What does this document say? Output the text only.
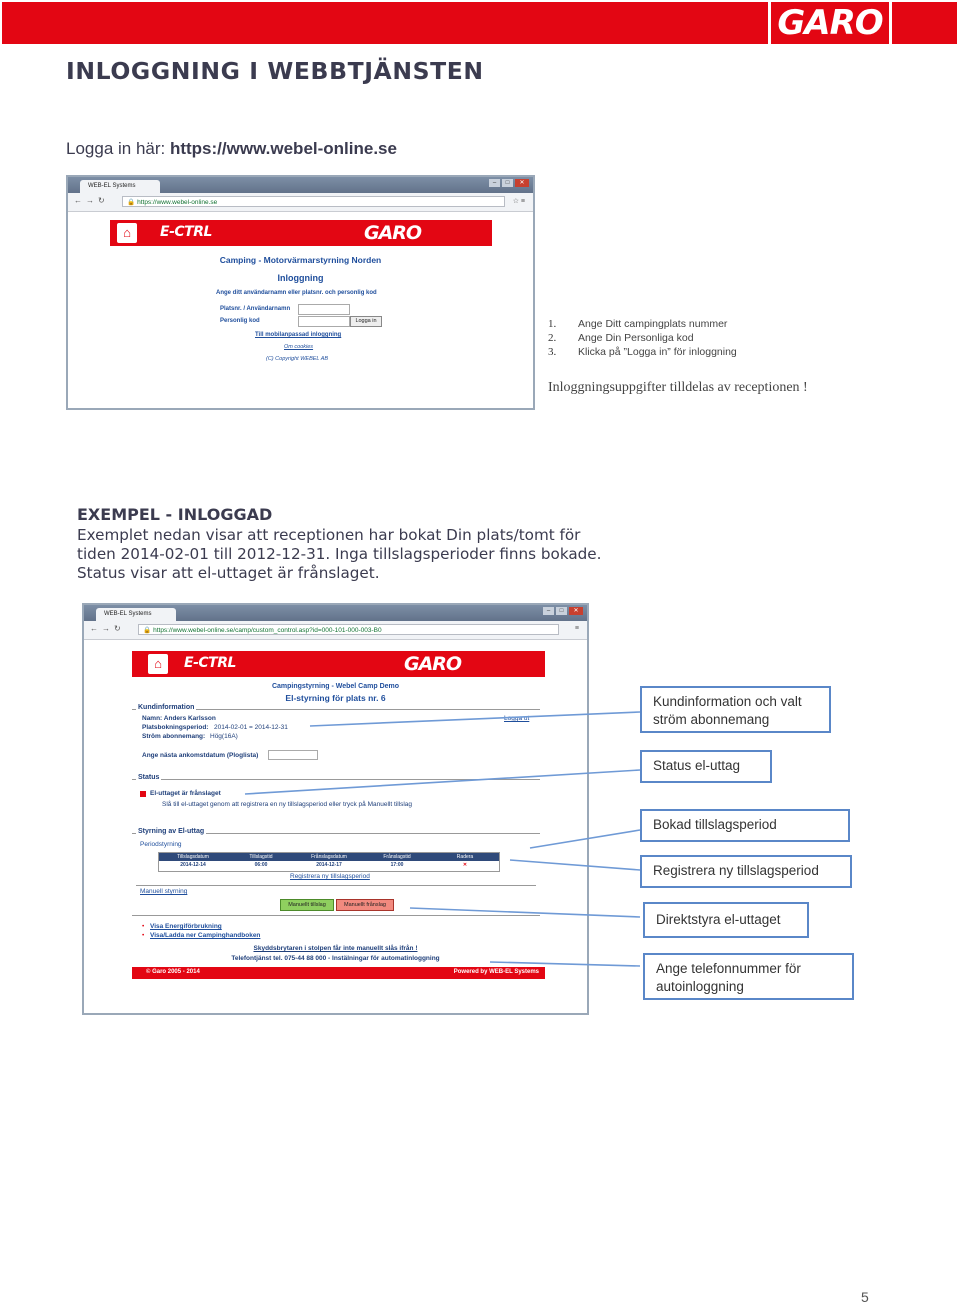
GARO
INLOGGNING I WEBBTJÄNSTEN
Logga in här: https://www.webel-online.se
WEB-EL Systems	–	□	✕
←→↻	🔒 https://www.webel-online.se	☆ ≡
⌂	E-CTRL	GARO
Camping - Motorvärmarstyrning Norden
Inloggning
Ange ditt användarnamn eller platsnr. och personlig kod
Platsnr. / Användarnamn
Personlig kod	Logga in
Till mobilanpassad inloggning
Om cookies
(C) Copyright WEBEL AB
1.	Ange Ditt campingplats nummer
2.	Ange Din Personliga kod
3.	Klicka på ”Logga in” för inloggning
Inloggningsuppgifter tilldelas av receptionen !
EXEMPEL - INLOGGAD
Exemplet nedan visar att receptionen har bokat Din plats/tomt för
tiden 2014-02-01 till 2012-12-31. Inga tillslagsperioder finns bokade.
Status visar att el-uttaget är frånslaget.
WEB-EL Systems	–	□	✕
←→↻	🔒 https://www.webel-online.se/camp/custom_control.asp?id=000-101-000-003-B0	≡
⌂	E-CTRL	GARO
Campingstyrning - Webel Camp Demo
El-styrning för plats nr. 6
Kundinformation
Logga ut
Namn: Anders Karlsson
Platsbokningsperiod: 2014-02-01 = 2014-12-31
Ström abonnemang: Hög(16A)
Ange nästa ankomstdatum (Ploglista)
Status
El-uttaget är frånslaget
Slå till el-uttaget genom att registrera en ny tillslagsperiod eller tryck på Manuellt tillslag
Styrning av El-uttag
Periodstyrning
Tillslagsdatum	Tillslagstid	Frånslagsdatum	Frånslagstid	Radera
2014-12-14	06:00	2014-12-17	17:00	✕
Registrera ny tillslagsperiod
Manuell styrning
Manuellt tillslag	Manuellt frånslag
• Visa Energiförbrukning
• Visa/Ladda ner Campinghandboken
Skyddsbrytaren i stolpen får inte manuellt slås ifrån !
Telefontjänst tel. 075-44 88 000 - Instälningar för automatinloggning
© Garo 2005 - 2014	Powered by WEB-EL Systems
Kundinformation och valt ström abonnemang
Status el-uttag
Bokad tillslagsperiod
Registrera ny tillslagsperiod
Direktstyra el-uttaget
Ange telefonnummer för autoinloggning
5
